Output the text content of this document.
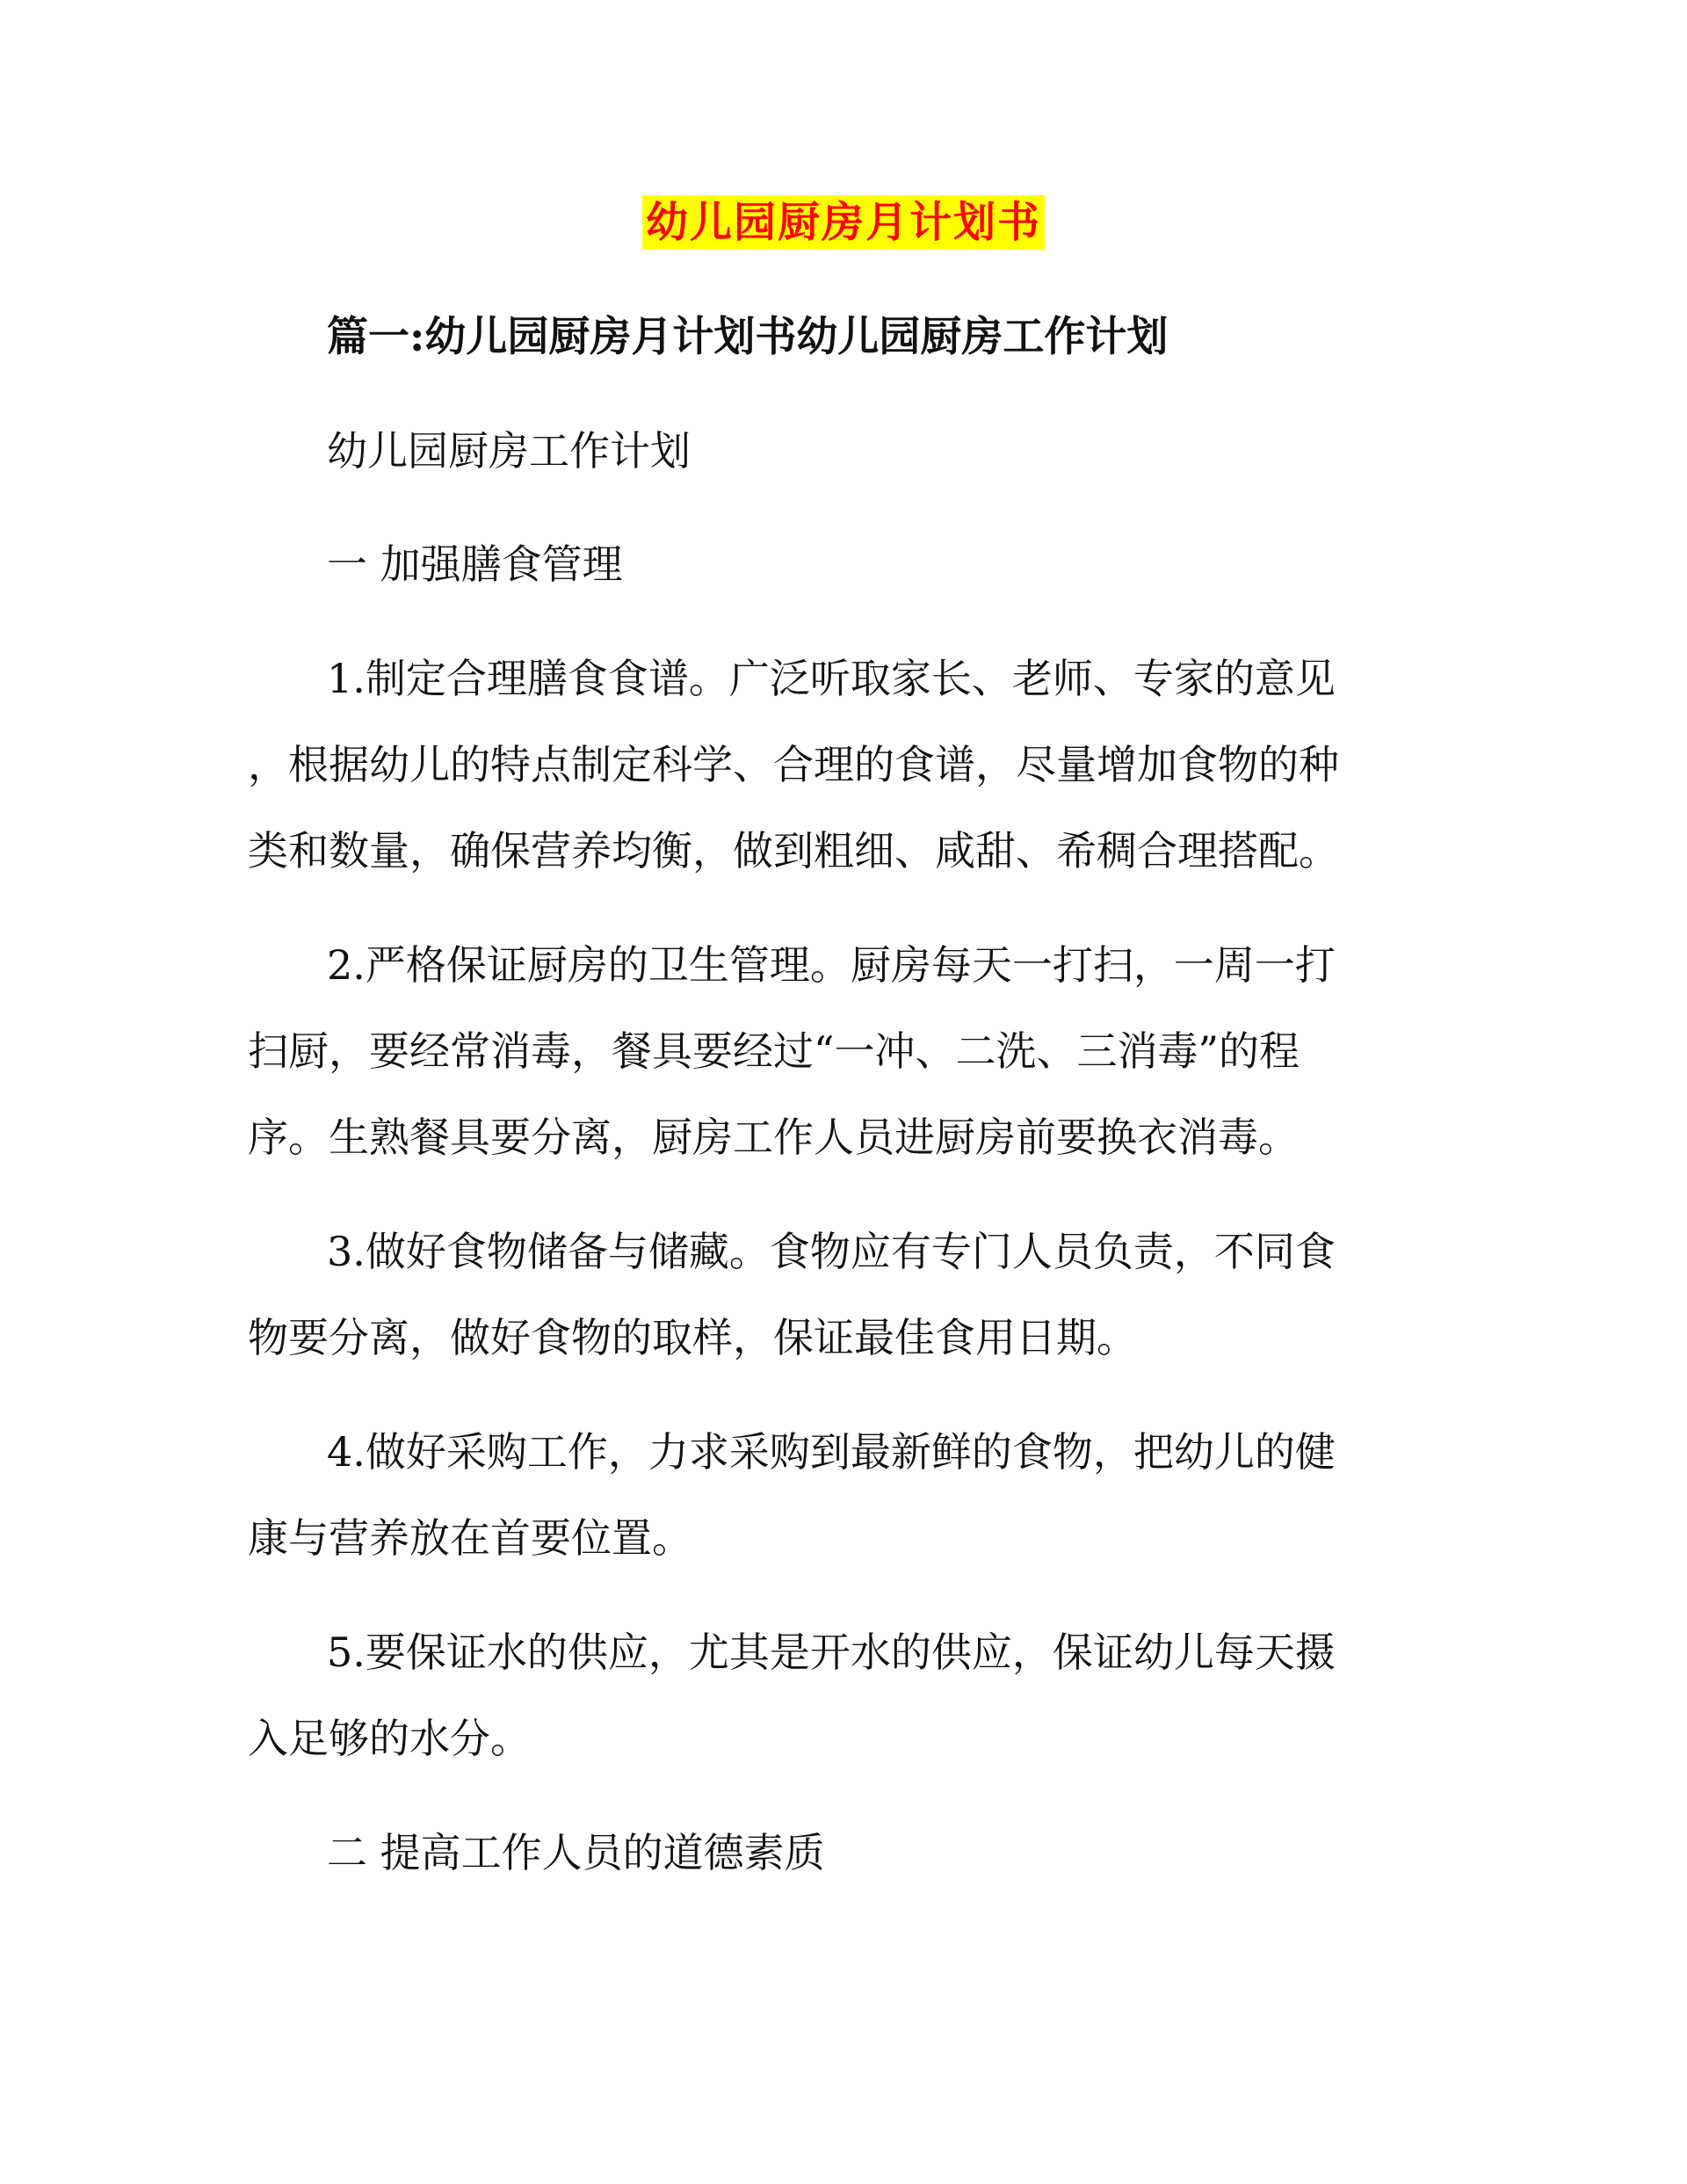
幼儿园厨房月计划书
篇一:幼儿园厨房月计划书幼儿园厨房工作计划
幼儿园厨房工作计划
一 加强膳食管理
1.制定合理膳食食谱。广泛听取家长、老师、专家的意见
，根据幼儿的特点制定科学、合理的食谱，尽量增加食物的种
类和数量，确保营养均衡，做到粗细、咸甜、希稠合理搭配。
2.严格保证厨房的卫生管理。厨房每天一打扫，一周一打
扫厨，要经常消毒，餐具要经过“一冲、二洗、三消毒”的程
序。生熟餐具要分离，厨房工作人员进厨房前要换衣消毒。
3.做好食物储备与储藏。食物应有专门人员负责，不同食
物要分离，做好食物的取样，保证最佳食用日期。
4.做好采购工作，力求采购到最新鲜的食物，把幼儿的健
康与营养放在首要位置。
5.要保证水的供应，尤其是开水的供应，保证幼儿每天摄
入足够的水分。
二 提高工作人员的道德素质
